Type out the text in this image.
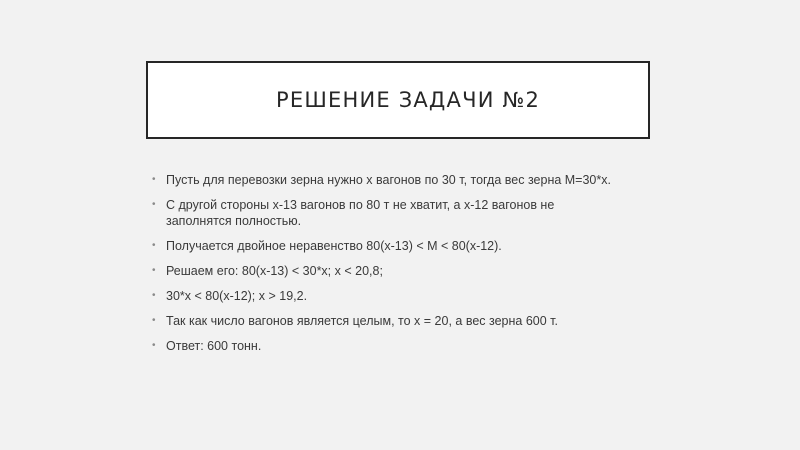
РЕШЕНИЕ ЗАДАЧИ №2
• Пусть для перевозки зерна нужно х вагонов по 30 т, тогда вес зерна М=30*х.
• С другой стороны х-13 вагонов по 80 т не хватит, а х-12 вагонов не заполнятся полностью.
• Получается двойное неравенство 80(х-13) < М < 80(х-12).
• Решаем его: 80(х-13) < 30*х; х < 20,8;
• 30*х < 80(х-12); х > 19,2.
• Так как число вагонов является целым, то х = 20, а вес зерна 600 т.
• Ответ: 600 тонн.
